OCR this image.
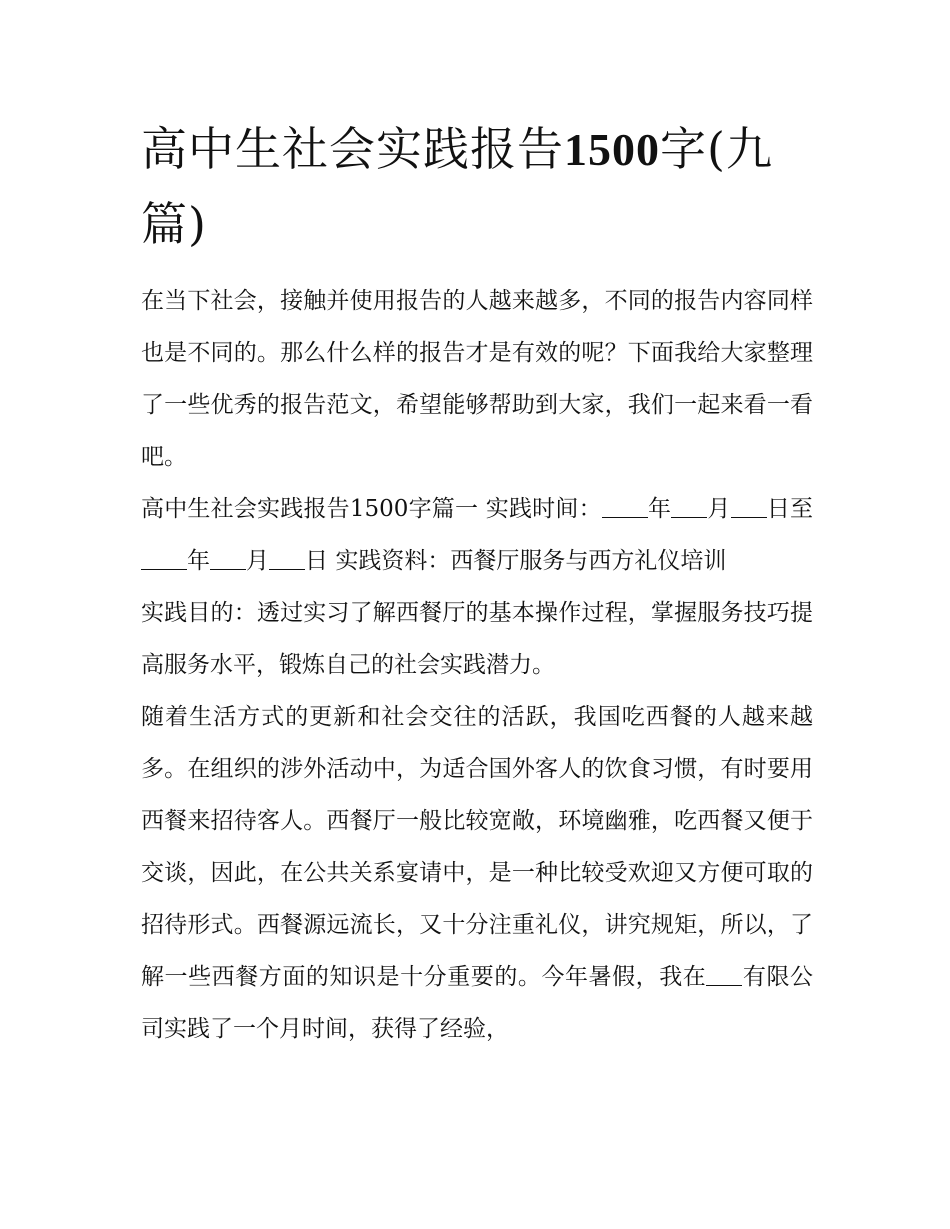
高中生社会实践报告1500字(九篇)

在当下社会，接触并使用报告的人越来越多，不同的报告内容同样也是不同的。那么什么样的报告才是有效的呢？下面我给大家整理了一些优秀的报告范文，希望能够帮助到大家，我们一起来看一看吧。

高中生社会实践报告1500字篇一 实践时间： 年 月 日至年 月 日 实践资料：西餐厅服务与西方礼仪培训

实践目的：透过实习了解西餐厅的基本操作过程，掌握服务技巧提高服务水平，锻炼自己的社会实践潜力。

随着生活方式的更新和社会交往的活跃，我国吃西餐的人越来越多。在组织的涉外活动中，为适合国外客人的饮食习惯，有时要用西餐来招待客人。西餐厅一般比较宽敞，环境幽雅，吃西餐又便于交谈，因此，在公共关系宴请中，是一种比较受欢迎又方便可取的招待形式。西餐源远流长，又十分注重礼仪，讲究规矩，所以，了解一些西餐方面的知识是十分重要的。今年暑假，我在 有限公司实践了一个月时间，获得了经验，
